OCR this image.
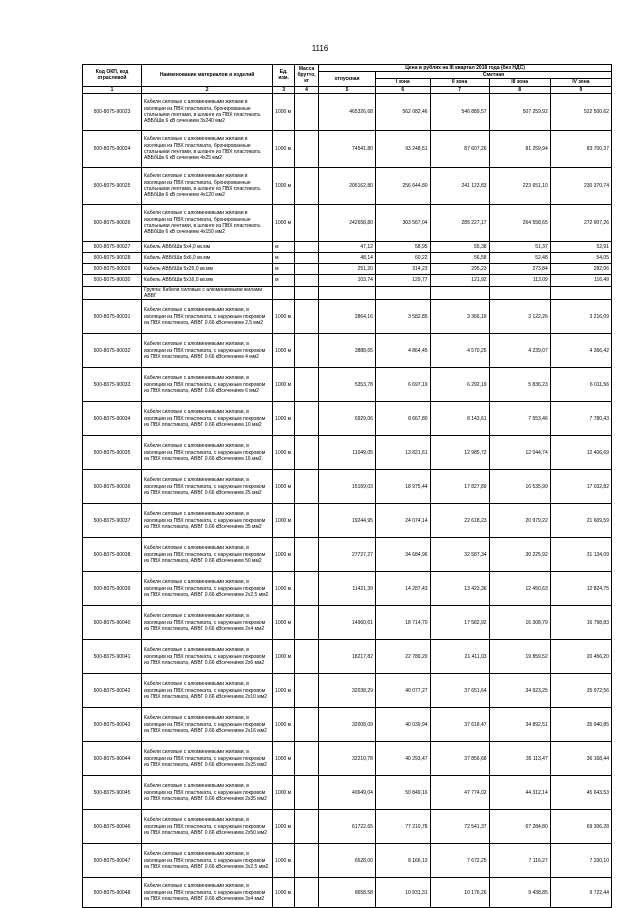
1116
Код ОКП, код отраслевой	Наименование материалов и изделий	Ед. изм.	Масса брутто, кг	Цена в рублях на III квартал 2018 года (без НДС)				
				отпускная	Сметная			
					I зона	II зона	III зона	IV зона
1	2	3	4	5	6	7	8	9
500-8075-90023	Кабели силовые с алюминиевыми жилами в изоляции из ПВХ пластиката, бронированные стальными лентами, в шланге из ПВХ пластиката. АВБбШв 6 кВ сечением 3х240 мм2	1000 м		465326,68	562 082,46	546 889,57	507 259,92	522 500,62
500-8075-90024	Кабели силовые с алюминиевыми жилами в изоляции из ПВХ пластиката, бронированные стальными лентами, в шланге из ПВХ пластиката. АВБбШв 6 кВ сечением 4х25 мм2	1000 м		74541,80	93 248,51	87 607,26	81 259,94	83 700,37
500-8075-90025	Кабели силовые с алюминиевыми жилами в изоляции из ПВХ пластиката, бронированные стальными лентами, в шланге из ПВХ пластиката. АВБбШв 6 кВ сечением 4х120 мм2	1000 м		205162,80	256 644,80	241 123,83	223 651,10	230 370,74
500-8075-90026	Кабели силовые с алюминиевыми жилами в изоляции из ПВХ пластиката, бронированные стальными лентами, в шланге из ПВХ пластиката. АВБбШв 6 кВ сечением 4х150 мм2	1000 м		242658,80	303 567,04	285 227,17	264 558,65	272 907,26
500-8075-90027	Кабель АВБбШв 5х4,0 кв.мм	м		47,12	58,95	55,38	51,37	52,91
500-8075-90028	Кабель АВБбШв 5х6,0 кв.мм	м		48,14	60,22	56,58	52,48	54,05
500-8075-90029	Кабель АВБбШв 5х25,0 кв.мм	м		251,20	314,23	295,23	273,84	282,06
500-8075-90030	Кабель АВБбШв 5х16,0 кв.мм	м		103,74	129,77	121,92	113,09	116,49
	Группа: Кабели силовые с алюминиевыми жилами АВВГ							
500-8075-90031	Кабели силовые с алюминиевыми жилами, в изоляции из ПВХ пластиката, с наружным покровом из ПВХ пластиката, АВВГ 0.66 кВсечением 2,5 мм2	1000 м		2864,16	3 582,85	3 366,19	3 122,26	3 216,09
500-8075-90032	Кабели силовые с алюминиевыми жилами, в изоляции из ПВХ пластиката, с наружным покровом из ПВХ пластиката, АВВГ 0.66 кВсечением 4 мм2	1000 м		3888,65	4 864,45	4 570,25	4 239,07	4 366,42
500-8075-90033	Кабели силовые с алюминиевыми жилами, в изоляции из ПВХ пластиката, с наружным покровом из ПВХ пластиката, АВВГ 0.66 кВсечением 6 мм2	1000 м		5353,78	6 697,19	6 292,19	5 836,23	6 011,56
500-8075-90034	Кабели силовые с алюминиевыми жилами, в изоляции из ПВХ пластиката, с наружным покровом из ПВХ пластиката, АВВГ 0.66 кВсечением 10 мм2	1000 м		6929,06	8 667,80	8 143,61	7 553,46	7 780,43
500-8075-90035	Кабели силовые с алюминиевыми жилами, в изоляции из ПВХ пластиката, с наружным покровом из ПВХ пластиката, АВВГ 0.66 кВсечением 16 мм2	1000 м		11049,05	13 821,61	12 985,72	12 044,74	12 406,69
500-8075-90036	Кабели силовые с алюминиевыми жилами, в изоляции из ПВХ пластиката, с наружным покровом из ПВХ пластиката, АВВГ 0.66 кВсечением 25 мм2	1000 м		15169,03	18 975,44	17 827,89	16 535,99	17 032,82
500-8075-90037	Кабели силовые с алюминиевыми жилами, в изоляции из ПВХ пластиката, с наружным покровом из ПВХ пластиката, АВВГ 0.66 кВсечением 35 мм2	1000 м		19244,95	24 074,14	22 618,23	20 979,22	21 609,59
500-8075-90038	Кабели силовые с алюминиевыми жилами, в изоляции из ПВХ пластиката, с наружным покровом из ПВХ пластиката, АВВГ 0.66 кВсечением 50 мм2	1000 м		27727,27	34 684,96	32 587,34	30 225,92	31 134,09
500-8075-90039	Кабели силовые с алюминиевыми жилами, в изоляции из ПВХ пластиката, с наружным покровом из ПВХ пластиката, АВВГ 0.66 кВсечением 2х2,5 мм2	1000 м		11421,39	14 287,43	13 423,36	12 450,63	12 824,75
500-8075-90040	Кабели силовые с алюминиевыми жилами, в изоляции из ПВХ пластиката, с наружным покровом из ПВХ пластиката, АВВГ 0.66 кВсечением 2х4 мм2	1000 м		14960,61	18 714,70	17 582,92	16 308,79	16 798,83
500-8075-90041	Кабели силовые с алюминиевыми жилами, в изоляции из ПВХ пластиката, с наружным покровом из ПВХ пластиката, АВВГ 0.66 кВсечением 2х6 мм2	1000 м		18217,82	22 789,20	21 411,03	19 859,52	20 456,20
500-8075-90042	Кабели силовые с алюминиевыми жилами, в изоляции из ПВХ пластиката, с наружным покровом из ПВХ пластиката, АВВГ 0.66 кВсечением 2х10 мм2	1000 м		32038,29	40 077,27	37 651,64	34 923,25	35 972,56
500-8075-90043	Кабели силовые с алюминиевыми жилами, в изоляции из ПВХ пластиката, с наружным покровом из ПВХ пластиката, АВВГ 0.66 кВсечением 2х16 мм2	1000 м		32008,09	40 039,94	37 618,47	34 892,51	35 940,85
500-8075-90044	Кабели силовые с алюминиевыми жилами, в изоляции из ПВХ пластиката, с наружным покровом из ПВХ пластиката, АВВГ 0.66 кВсечением 2х25 мм2	1000 м		32210,78	40 293,47	37 856,68	35 113,47	36 168,44
500-8075-90045	Кабели силовые с алюминиевыми жилами, в изоляции из ПВХ пластиката, с наружным покровом из ПВХ пластиката, АВВГ 0.66 кВсечением 2х35 мм2	1000 м		40649,04	50 849,16	47 774,02	44 312,14	45 643,53
500-8075-90046	Кабели силовые с алюминиевыми жилами, в изоляции из ПВХ пластиката, с наружным покровом из ПВХ пластиката, АВВГ 0.66 кВсечением 2х50 мм2	1000 м		61722,65	77 210,78	72 541,37	67 284,80	69 306,28
500-8075-90047	Кабели силовые с алюминиевыми жилами, в изоляции из ПВХ пластиката, с наружным покровом из ПВХ пластиката, АВВГ 0.66 кВсечением 3х2,5 мм2	1000 м		6528,00	8 166,13	7 672,25	7 116,27	7 330,10
500-8075-90048	Кабели силовые с алюминиевыми жилами, в изоляции из ПВХ пластиката, с наружным покровом из ПВХ пластиката, АВВГ 0.66 кВсечением 3х4 мм2	1000 м		8658,58	10 831,31	10 176,26	9 438,85	9 722,44
